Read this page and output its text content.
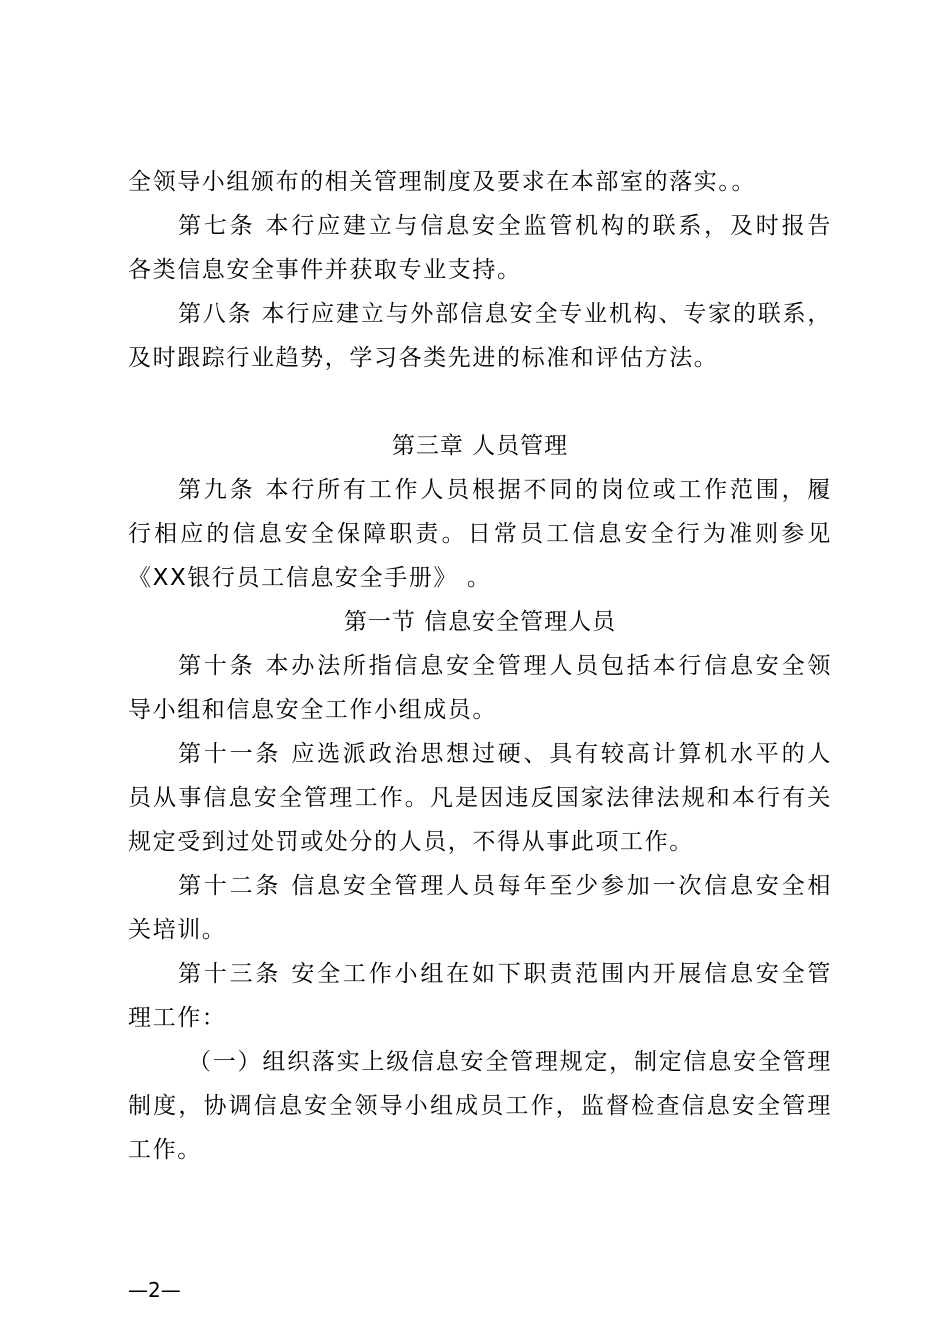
全领导小组颁布的相关管理制度及要求在本部室的落实。。
第七条 本行应建立与信息安全监管机构的联系，及时报告
各类信息安全事件并获取专业支持。
第八条 本行应建立与外部信息安全专业机构、专家的联系，
及时跟踪行业趋势，学习各类先进的标准和评估方法。
第三章 人员管理
第九条 本行所有工作人员根据不同的岗位或工作范围，履
行相应的信息安全保障职责。日常员工信息安全行为准则参见
《XX银行员工信息安全手册》 。
第一节 信息安全管理人员
第十条 本办法所指信息安全管理人员包括本行信息安全领
导小组和信息安全工作小组成员。
第十一条 应选派政治思想过硬、具有较高计算机水平的人
员从事信息安全管理工作。凡是因违反国家法律法规和本行有关
规定受到过处罚或处分的人员，不得从事此项工作。
第十二条 信息安全管理人员每年至少参加一次信息安全相
关培训。
第十三条 安全工作小组在如下职责范围内开展信息安全管
理工作：
（一）组织落实上级信息安全管理规定，制定信息安全管理
制度，协调信息安全领导小组成员工作，监督检查信息安全管理
工作。
—2—
